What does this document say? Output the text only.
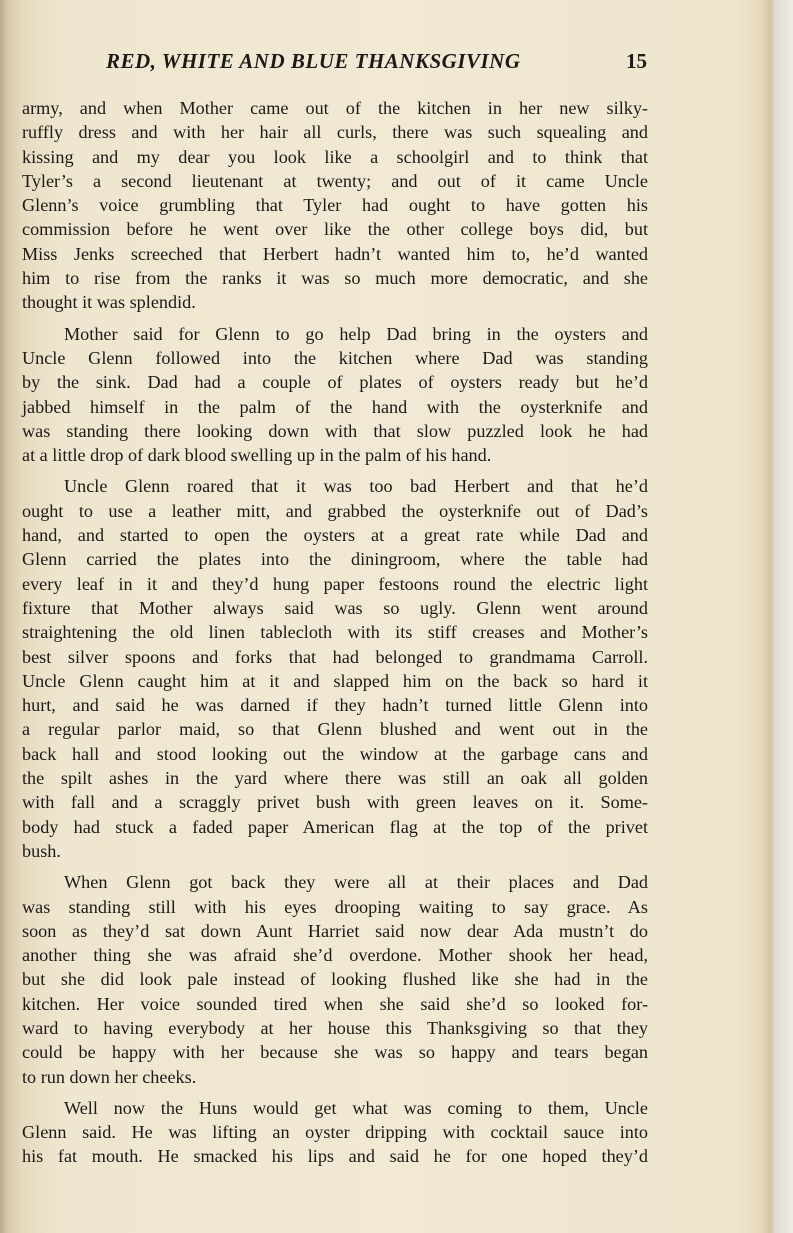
RED, WHITE AND BLUE THANKSGIVING	15
army, and when Mother came out of the kitchen in her new silky-
ruffly dress and with her hair all curls, there was such squealing and
kissing and my dear you look like a schoolgirl and to think that
Tyler’s a second lieutenant at twenty; and out of it came Uncle
Glenn’s voice grumbling that Tyler had ought to have gotten his
commission before he went over like the other college boys did, but
Miss Jenks screeched that Herbert hadn’t wanted him to, he’d wanted
him to rise from the ranks it was so much more democratic, and she
thought it was splendid.
Mother said for Glenn to go help Dad bring in the oysters and
Uncle Glenn followed into the kitchen where Dad was standing
by the sink. Dad had a couple of plates of oysters ready but he’d
jabbed himself in the palm of the hand with the oysterknife and
was standing there looking down with that slow puzzled look he had
at a little drop of dark blood swelling up in the palm of his hand.
Uncle Glenn roared that it was too bad Herbert and that he’d
ought to use a leather mitt, and grabbed the oysterknife out of Dad’s
hand, and started to open the oysters at a great rate while Dad and
Glenn carried the plates into the diningroom, where the table had
every leaf in it and they’d hung paper festoons round the electric light
fixture that Mother always said was so ugly. Glenn went around
straightening the old linen tablecloth with its stiff creases and Mother’s
best silver spoons and forks that had belonged to grandmama Carroll.
Uncle Glenn caught him at it and slapped him on the back so hard it
hurt, and said he was darned if they hadn’t turned little Glenn into
a regular parlor maid, so that Glenn blushed and went out in the
back hall and stood looking out the window at the garbage cans and
the spilt ashes in the yard where there was still an oak all golden
with fall and a scraggly privet bush with green leaves on it. Some-
body had stuck a faded paper American flag at the top of the privet
bush.
When Glenn got back they were all at their places and Dad
was standing still with his eyes drooping waiting to say grace. As
soon as they’d sat down Aunt Harriet said now dear Ada mustn’t do
another thing she was afraid she’d overdone. Mother shook her head,
but she did look pale instead of looking flushed like she had in the
kitchen. Her voice sounded tired when she said she’d so looked for-
ward to having everybody at her house this Thanksgiving so that they
could be happy with her because she was so happy and tears began
to run down her cheeks.
Well now the Huns would get what was coming to them, Uncle
Glenn said. He was lifting an oyster dripping with cocktail sauce into
his fat mouth. He smacked his lips and said he for one hoped they’d
